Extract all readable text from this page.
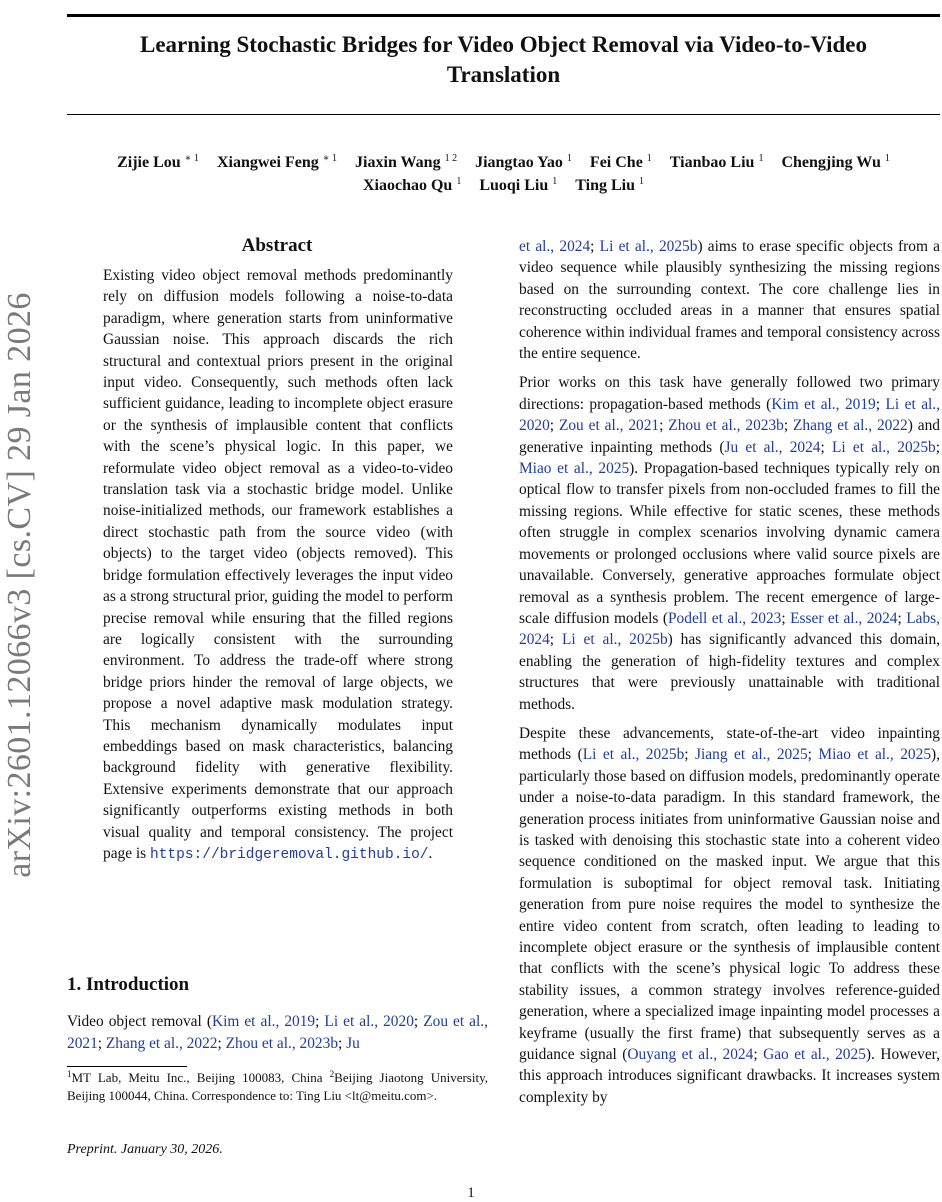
Learning Stochastic Bridges for Video Object Removal via Video-to-Video
Translation
Zijie Lou $^{∗ 1}$ Xiangwei Feng $^{∗ 1}$ Jiaxin Wang $^{1 2}$ Jiangtao Yao $^1$ Fei Che $^1$ Tianbao Liu $^1$ Chengjing Wu $^1$
Xiaochao Qu $^1$ Luoqi Liu $^1$ Ting Liu $^1$
arXiv:2601.12066v3 [cs.CV] 29 Jan 2026
Abstract

Existing video object removal methods predominantly rely on diffusion models following a noise-to-data paradigm, where generation starts from uninformative Gaussian noise. This approach discards the rich structural and contextual priors present in the original input video. Consequently, such methods often lack sufficient guidance, leading to incomplete object erasure or the synthesis of implausible content that conflicts with the scene’s physical logic. In this paper, we reformulate video object removal as a video-to-video translation task via a stochastic bridge model. Unlike noise-initialized methods, our framework establishes a direct stochastic path from the source video (with objects) to the target video (objects removed). This bridge formulation effectively leverages the input video as a strong structural prior, guiding the model to perform precise removal while ensuring that the filled regions are logically consistent with the surrounding environment. To address the trade-off where strong bridge priors hinder the removal of large objects, we propose a novel adaptive mask modulation strategy. This mechanism dynamically modulates input embeddings based on mask characteristics, balancing background fidelity with generative flexibility. Extensive experiments demonstrate that our approach significantly outperforms existing methods in both visual quality and temporal consistency. The project page is https://bridgeremoval.github.io/.

1. Introduction

Video object removal (Kim et al., 2019; Li et al., 2020; Zou et al., 2021; Zhang et al., 2022; Zhou et al., 2023b; Ju

$^1$MT Lab, Meitu Inc., Beijing 100083, China $^2$Beijing Jiaotong University, Beijing 100044, China. Correspondence to: Ting Liu <lt@meitu.com>.

Preprint. January 30, 2026.
1

et al., 2024; Li et al., 2025b) aims to erase specific objects from a video sequence while plausibly synthesizing the missing regions based on the surrounding context. The core challenge lies in reconstructing occluded areas in a manner that ensures spatial coherence within individual frames and temporal consistency across the entire sequence.

Prior works on this task have generally followed two primary directions: propagation-based methods (Kim et al., 2019; Li et al., 2020; Zou et al., 2021; Zhou et al., 2023b; Zhang et al., 2022) and generative inpainting methods (Ju et al., 2024; Li et al., 2025b; Miao et al., 2025). Propagation-based techniques typically rely on optical flow to transfer pixels from non-occluded frames to fill the missing regions. While effective for static scenes, these methods often struggle in complex scenarios involving dynamic camera movements or prolonged occlusions where valid source pixels are unavailable. Conversely, generative approaches formulate object removal as a synthesis problem. The recent emergence of large-scale diffusion models (Podell et al., 2023; Esser et al., 2024; Labs, 2024; Li et al., 2025b) has significantly advanced this domain, enabling the generation of high-fidelity textures and complex structures that were previously unattainable with traditional methods.

Despite these advancements, state-of-the-art video inpainting methods (Li et al., 2025b; Jiang et al., 2025; Miao et al., 2025), particularly those based on diffusion models, predominantly operate under a noise-to-data paradigm. In this standard framework, the generation process initiates from uninformative Gaussian noise and is tasked with denoising this stochastic state into a coherent video sequence conditioned on the masked input. We argue that this formulation is suboptimal for object removal task. Initiating generation from pure noise requires the model to synthesize the entire video content from scratch, often leading to leading to incomplete object erasure or the synthesis of implausible content that conflicts with the scene’s physical logic To address these stability issues, a common strategy involves reference-guided generation, where a specialized image inpainting model processes a keyframe (usually the first frame) that subsequently serves as a guidance signal (Ouyang et al., 2024; Gao et al., 2025). However, this approach introduces significant drawbacks. It increases system complexity by
